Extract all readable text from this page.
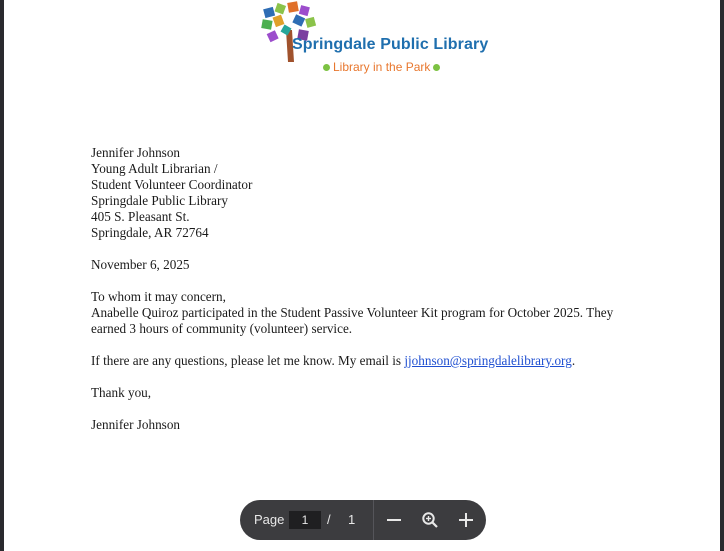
Springdale Public Library
Library in the Park

Jennifer Johnson

Young Adult Librarian /

Student Volunteer Coordinator

Springdale Public Library

405 S. Pleasant St.

Springdale, AR 72764

November 6, 2025

To whom it may concern,

Anabelle Quiroz participated in the Student Passive Volunteer Kit program for October 2025. They

earned 3 hours of community (volunteer) service.

If there are any questions, please let me know. My email is jjohnson@springdalelibrary.org.

Thank you,

Jennifer Johnson

Page
1	/ 1
